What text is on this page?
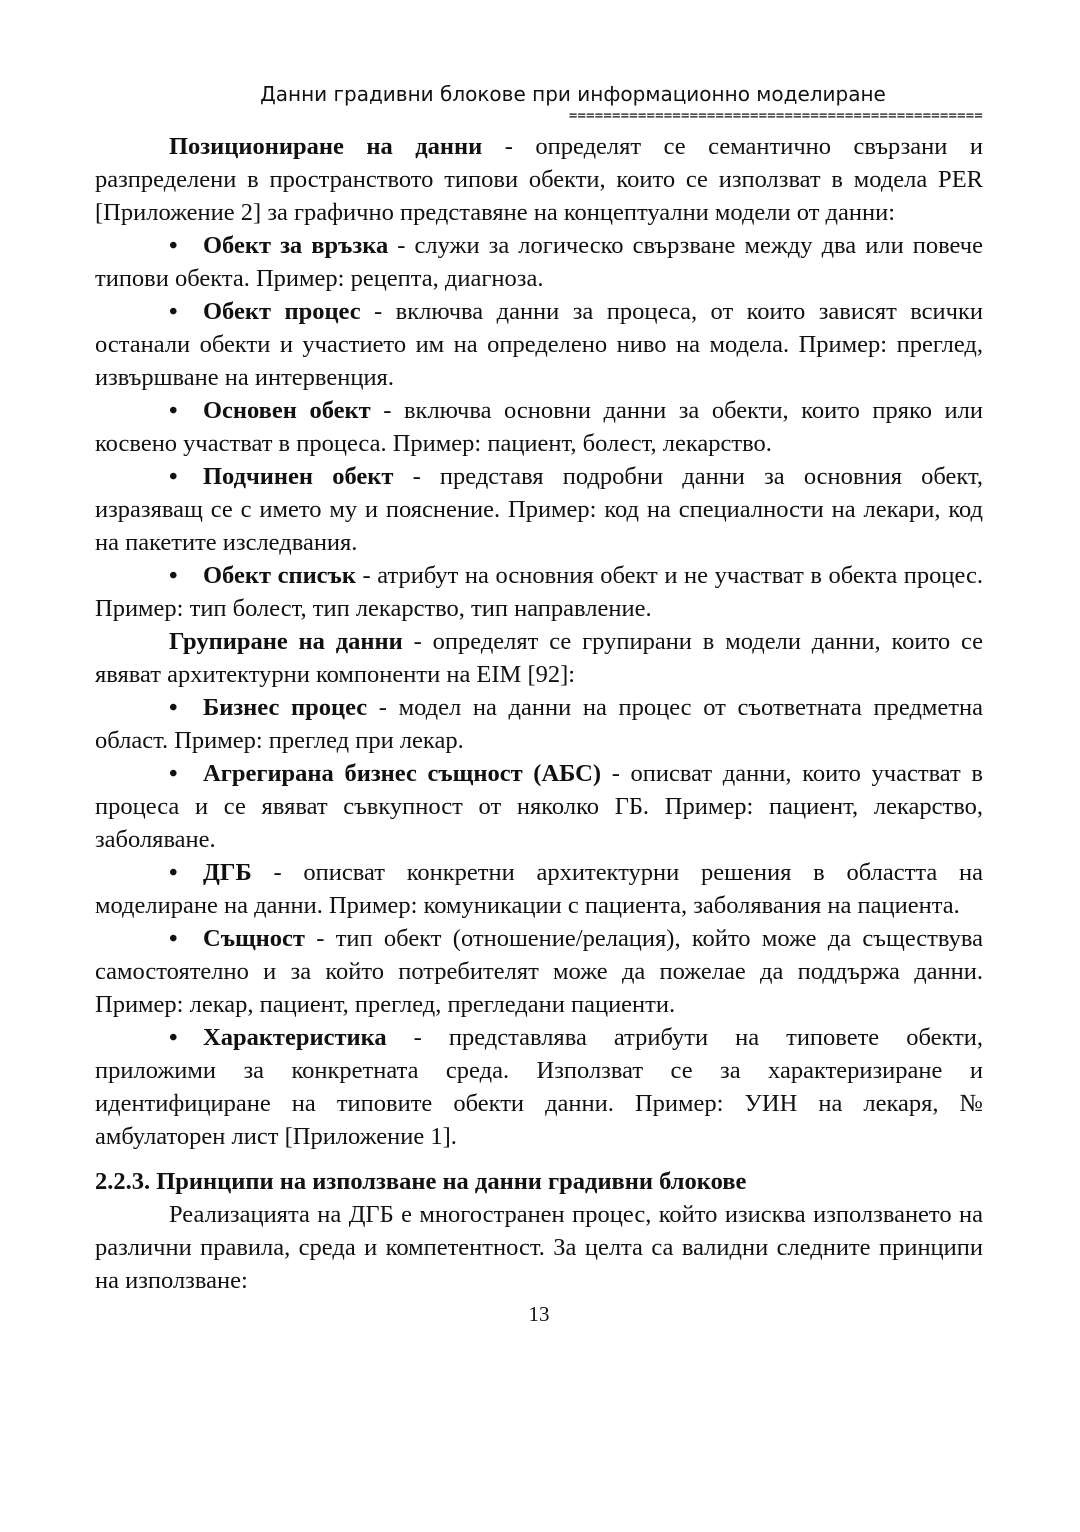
Данни градивни блокове при информационно моделиране

================================================

Позициониране на данни - определят се семантично свързани и разпределени в пространството типови обекти, които се използват в модела PER [Приложение 2] за графично представяне на концептуални модели от данни:

• Обект за връзка - служи за логическо свързване между два или повече типови обекта. Пример: рецепта, диагноза.

• Обект процес - включва данни за процеса, от които зависят всички останали обекти и участието им на определено ниво на модела. Пример: преглед, извършване на интервенция.

• Основен обект - включва основни данни за обекти, които пряко или косвено участват в процеса. Пример: пациент, болест, лекарство.

• Подчинен обект - представя подробни данни за основния обект, изразяващ се с името му и пояснение. Пример: код на специалности на лекари, код на пакетите изследвания.

• Обект списък - атрибут на основния обект и не участват в обекта процес. Пример: тип болест, тип лекарство, тип направление.

Групиране на данни - определят се групирани в модели данни, които се явяват архитектурни компоненти на EIM [92]:

• Бизнес процес - модел на данни на процес от съответната предметна област. Пример: преглед при лекар.

• Агрегирана бизнес същност (АБС) - описват данни, които участват в процеса и се явяват съвкупност от няколко ГБ. Пример: пациент, лекарство, заболяване.

• ДГБ - описват конкретни архитектурни решения в областта на моделиране на данни. Пример: комуникации с пациента, заболявания на пациента.

• Същност - тип обект (отношение/релация), който може да съществува самостоятелно и за който потребителят може да пожелае да поддържа данни. Пример: лекар, пациент, преглед, прегледани пациенти.

• Характеристика - представлява атрибути на типовете обекти, приложими за конкретната среда. Използват се за характеризиране и идентифициране на типовите обекти данни. Пример: УИН на лекаря, № амбулаторен лист [Приложение 1].

2.2.3. Принципи на използване на данни градивни блокове

Реализацията на ДГБ е многостранен процес, който изисква използването на различни правила, среда и компетентност. За целта са валидни следните принципи на използване:

13
